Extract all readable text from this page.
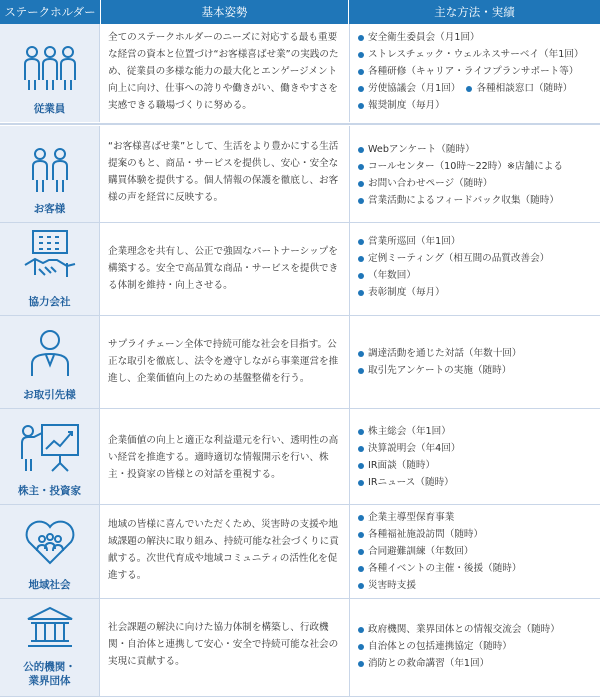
ステークホルダー	基本姿勢	主な方法・実績
従業員
全てのステークホルダーのニーズに対応する最も重要な経営の資本と位置づけ“お客様喜ばせ業”の実践のため、従業員の多様な能力の最大化とエンゲージメント向上に向け、仕事への誇りや働きがい、働きやすさを実感できる職場づくりに努める。
安全衛生委員会（月1回）
ストレスチェック・ウェルネスサーベイ（年1回）
各種研修（キャリア・ライフプランサポート等）
労使協議会（月1回） 各種相談窓口（随時）
報奨制度（毎月）
お客様
“お客様喜ばせ業”として、生活をより豊かにする生活提案のもと、商品・サービスを提供し、安心・安全な購買体験を提供する。個人情報の保護を徹底し、お客様の声を経営に反映する。
Webアンケート（随時）
コールセンター（10時〜22時）※店舗による
お問い合わせページ（随時）
営業活動によるフィードバック収集（随時）
協力会社
企業理念を共有し、公正で強固なパートナーシップを構築する。安全で高品質な商品・サービスを提供できる体制を維持・向上させる。
営業所巡回（年1回）
定例ミーティング（相互間の品質改善会）
（年数回）
表彰制度（毎月）
お取引先様
サプライチェーン全体で持続可能な社会を目指す。公正な取引を徹底し、法令を遵守しながら事業運営を推進し、企業価値向上のための基盤整備を行う。
調達活動を通じた対話（年数十回）
取引先アンケートの実施（随時）
株主・投資家
企業価値の向上と適正な利益還元を行い、透明性の高い経営を推進する。適時適切な情報開示を行い、株主・投資家の皆様との対話を重視する。
株主総会（年1回）
決算説明会（年4回）
IR面談（随時）
IRニュース（随時）
地域社会
地域の皆様に喜んでいただくため、災害時の支援や地域課題の解決に取り組み、持続可能な社会づくりに貢献する。次世代育成や地域コミュニティの活性化を促進する。
企業主導型保育事業
各種福祉施設訪問（随時）
合同避難訓練（年数回）
各種イベントの主催・後援（随時）
災害時支援
公的機関・
業界団体
社会課題の解決に向けた協力体制を構築し、行政機関・自治体と連携して安心・安全で持続可能な社会の実現に貢献する。
政府機関、業界団体との情報交流会（随時）
自治体との包括連携協定（随時）
消防との救命講習（年1回）
